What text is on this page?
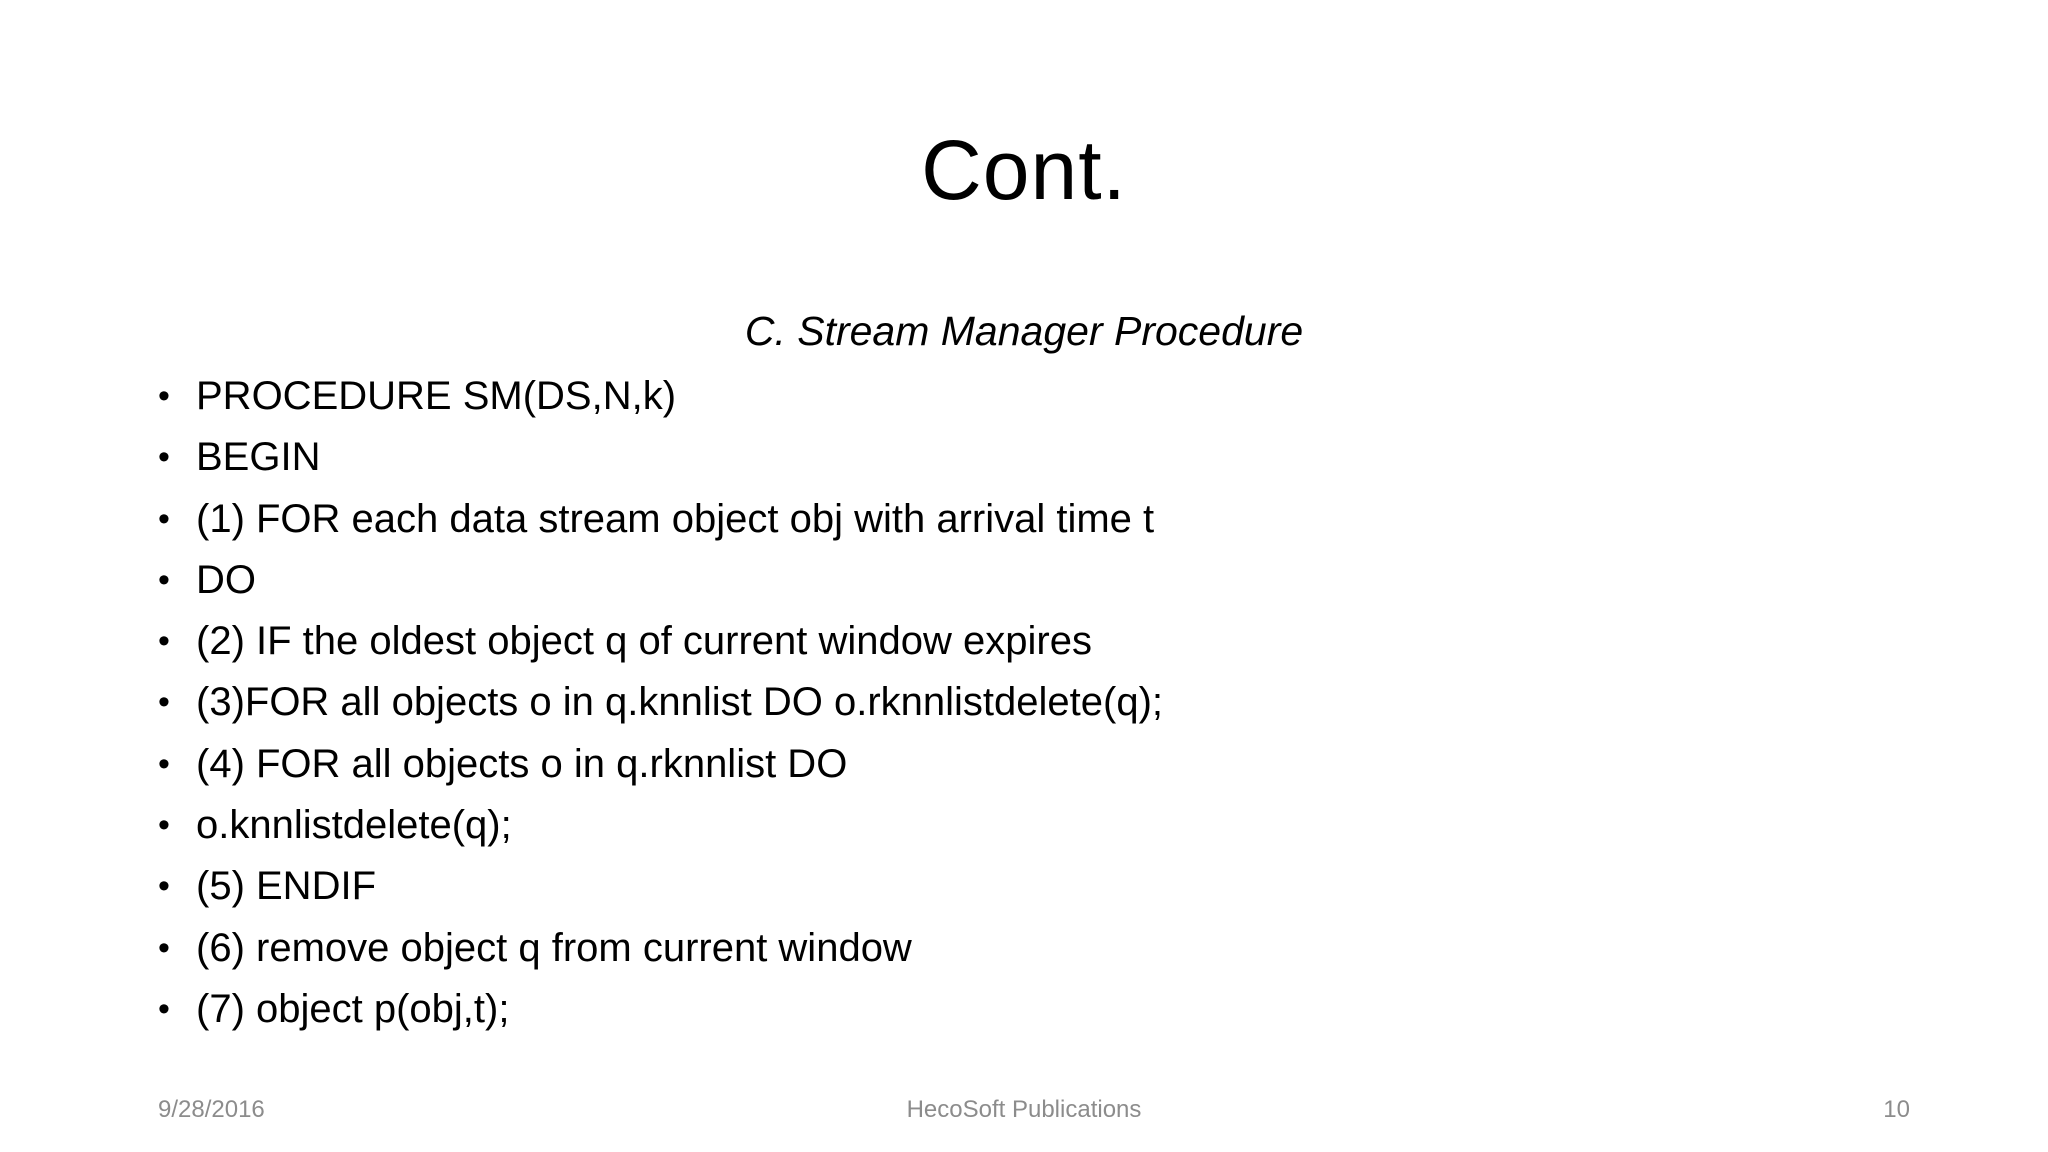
Cont.
C. Stream Manager Procedure
• PROCEDURE SM(DS,N,k)
• BEGIN
• (1) FOR each data stream object obj with arrival time t
• DO
• (2) IF the oldest object q of current window expires
• (3)FOR all objects o in q.knnlist DO o.rknnlistdelete(q);
• (4) FOR all objects o in q.rknnlist DO
• o.knnlistdelete(q);
• (5) ENDIF
• (6) remove object q from current window
• (7) object p(obj,t);
9/28/2016	HecoSoft Publications	10
